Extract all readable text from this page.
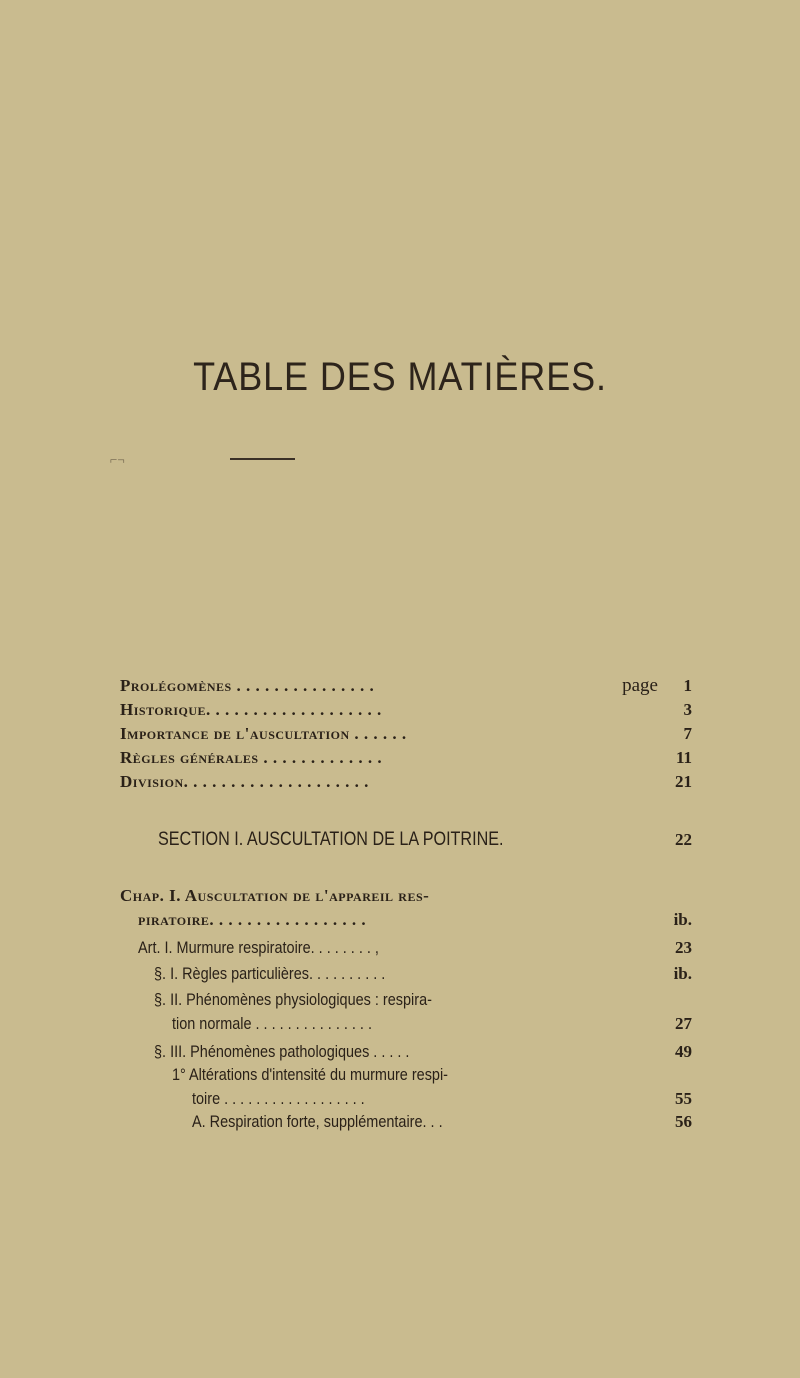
TABLE DES MATIÈRES.
⌐¬
Prolégomènes . . . . . . . . . . . . . . .	page 1
Historique. . . . . . . . . . . . . . . . . . .	3
Importance de l'auscultation . . . . . .	7
Règles générales . . . . . . . . . . . . .	11
Division. . . . . . . . . . . . . . . . . . . .	21
SECTION I. AUSCULTATION DE LA POITRINE.	22
Chap. I. Auscultation de l'appareil res-
piratoire. . . . . . . . . . . . . . . . .	ib.
Art. I. Murmure respiratoire. . . . . . . . ,	23
§. I. Règles particulières. . . . . . . . . .	ib.
§. II. Phénomènes physiologiques : respira-
tion normale . . . . . . . . . . . . . . .	27
§. III. Phénomènes pathologiques . . . . .	49
1° Altérations d'intensité du murmure respi-
toire . . . . . . . . . . . . . . . . . .	55
A. Respiration forte, supplémentaire. . .	56
